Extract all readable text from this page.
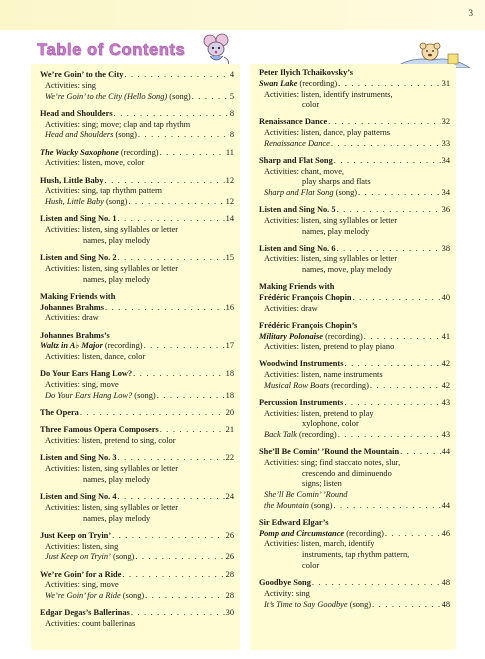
3
Table of Contents
We’re Goin’ to the City . . .	4
Activities: sing
We’re Goin’ to the City (Hello Song) (song) . . .	5
Head and Shoulders . . .	8
Activities: sing; move; clap and tap rhythm
Head and Shoulders (song) . . .	8
The Wacky Saxophone (recording) . . .	11
Activities: listen, move, color
Hush, Little Baby . . .	12
Activities: sing, tap rhythm pattern
Hush, Little Baby (song) . . .	12
Listen and Sing No. 1 . . .	14
Activities: listen, sing syllables or letter
names, play melody
Listen and Sing No. 2 . . .	15
Activities: listen, sing syllables or letter
names, play melody
Making Friends with
Johannes Brahms . . .	16
Activities: draw
Johannes Brahms’s
Waltz in A♭ Major (recording) . . .	17
Activities: listen, dance, color
Do Your Ears Hang Low? . . .	18
Activities: sing, move
Do Your Ears Hang Low? (song) . . .	18
The Opera . . .	20
Three Famous Opera Composers . . .	21
Activities: listen, pretend to sing, color
Listen and Sing No. 3 . . .	22
Activities: listen, sing syllables or letter
names, play melody
Listen and Sing No. 4 . . .	24
Activities: listen, sing syllables or letter
names, play melody
Just Keep on Tryin’ . . .	26
Activities: listen, sing
Just Keep on Tryin’ (song) . . .	26
We’re Goin’ for a Ride . . .	28
Activities: sing, move
We’re Goin’ for a Ride (song) . . .	28
Edgar Degas’s Ballerinas . . .	30
Activities: count ballerinas
Peter Ilyich Tchaikovsky’s
Swan Lake (recording) . . .	31
Activities: listen, identify instruments,
color
Renaissance Dance . . .	32
Activities: listen, dance, play patterns
Renaissance Dance . . .	33
Sharp and Flat Song . . .	34
Activities: chant, move,
play sharps and flats
Sharp and Flat Song (song) . . .	34
Listen and Sing No. 5 . . .	36
Activities: listen, sing syllables or letter
names, play melody
Listen and Sing No. 6 . . .	38
Activities: listen, sing syllables or letter
names, move, play melody
Making Friends with
Frédéric François Chopin . . .	40
Activities: draw
Frédéric François Chopin’s
Military Polonaise (recording) . . .	41
Activities: listen, pretend to play piano
Woodwind Instruments . . .	42
Activities: listen, name instruments
Musical Row Boats (recording) . . .	42
Percussion Instruments . . .	43
Activities: listen, pretend to play
xylophone, color
Back Talk (recording) . . .	43
She’ll Be Comin’ ’Round the Mountain . . .	44
Activities: sing; find staccato notes, slur,
crescendo and diminuendo
signs; listen
She’ll Be Comin’ ’Round
the Mountain (song) . . .	44
Sir Edward Elgar’s
Pomp and Circumstance (recording) . . .	46
Activities: listen, march, identify
instruments, tap rhythm pattern,
color
Goodbye Song . . .	48
Activity: sing
It’s Time to Say Goodbye (song) . . .	48
